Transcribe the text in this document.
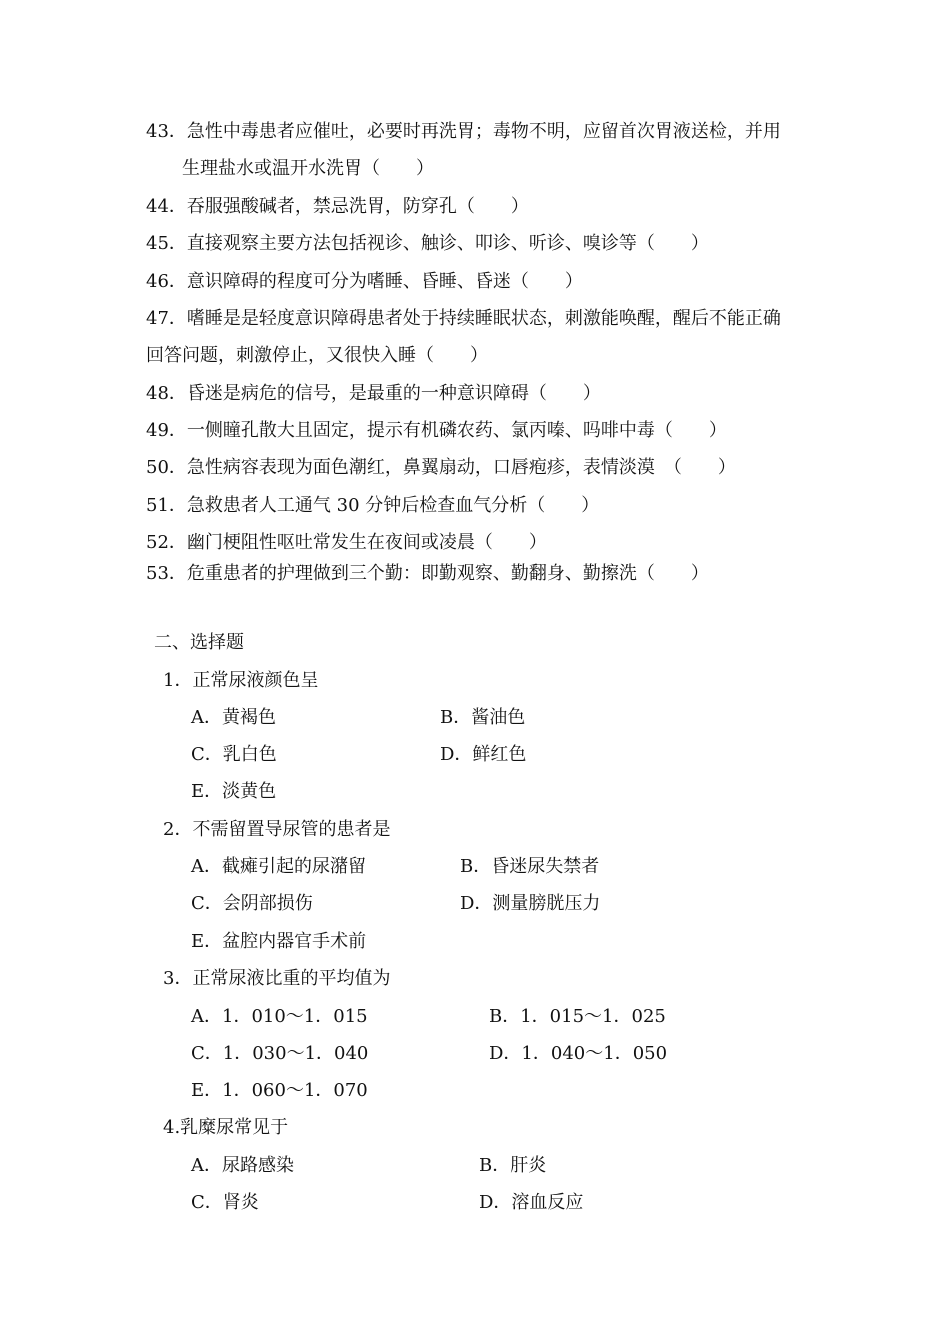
43．急性中毒患者应催吐，必要时再洗胃；毒物不明，应留首次胃液送检，并用
生理盐水或温开水洗胃（　　）
44．吞服强酸碱者，禁忌洗胃，防穿孔（　　）
45．直接观察主要方法包括视诊、触诊、叩诊、听诊、嗅诊等（　　）
46．意识障碍的程度可分为嗜睡、昏睡、昏迷（　　）
47．嗜睡是是轻度意识障碍患者处于持续睡眠状态，刺激能唤醒，醒后不能正确
回答问题，刺激停止，又很快入睡（　　）
48．昏迷是病危的信号，是最重的一种意识障碍（　　）
49．一侧瞳孔散大且固定，提示有机磷农药、氯丙嗪、吗啡中毒（　　）
50．急性病容表现为面色潮红，鼻翼扇动，口唇疱疹，表情淡漠　（　　）
51．急救患者人工通气 30 分钟后检查血气分析（　　）
52．幽门梗阻性呕吐常发生在夜间或凌晨（　　）
53．危重患者的护理做到三个勤：即勤观察、勤翻身、勤擦洗（　　）
二、选择题
1．正常尿液颜色呈
A．黄褐色	B．酱油色
C．乳白色	D．鲜红色
E．淡黄色
2．不需留置导尿管的患者是
A．截瘫引起的尿潴留	B．昏迷尿失禁者
C．会阴部损伤	D．测量膀胱压力
E．盆腔内器官手术前
3．正常尿液比重的平均值为
A．1．010～1．015	B．1．015～1．025
C．1．030～1．040	D．1．040～1．050
E．1．060～1．070
4.乳糜尿常见于
A．尿路感染	B．肝炎
C．肾炎	D．溶血反应
